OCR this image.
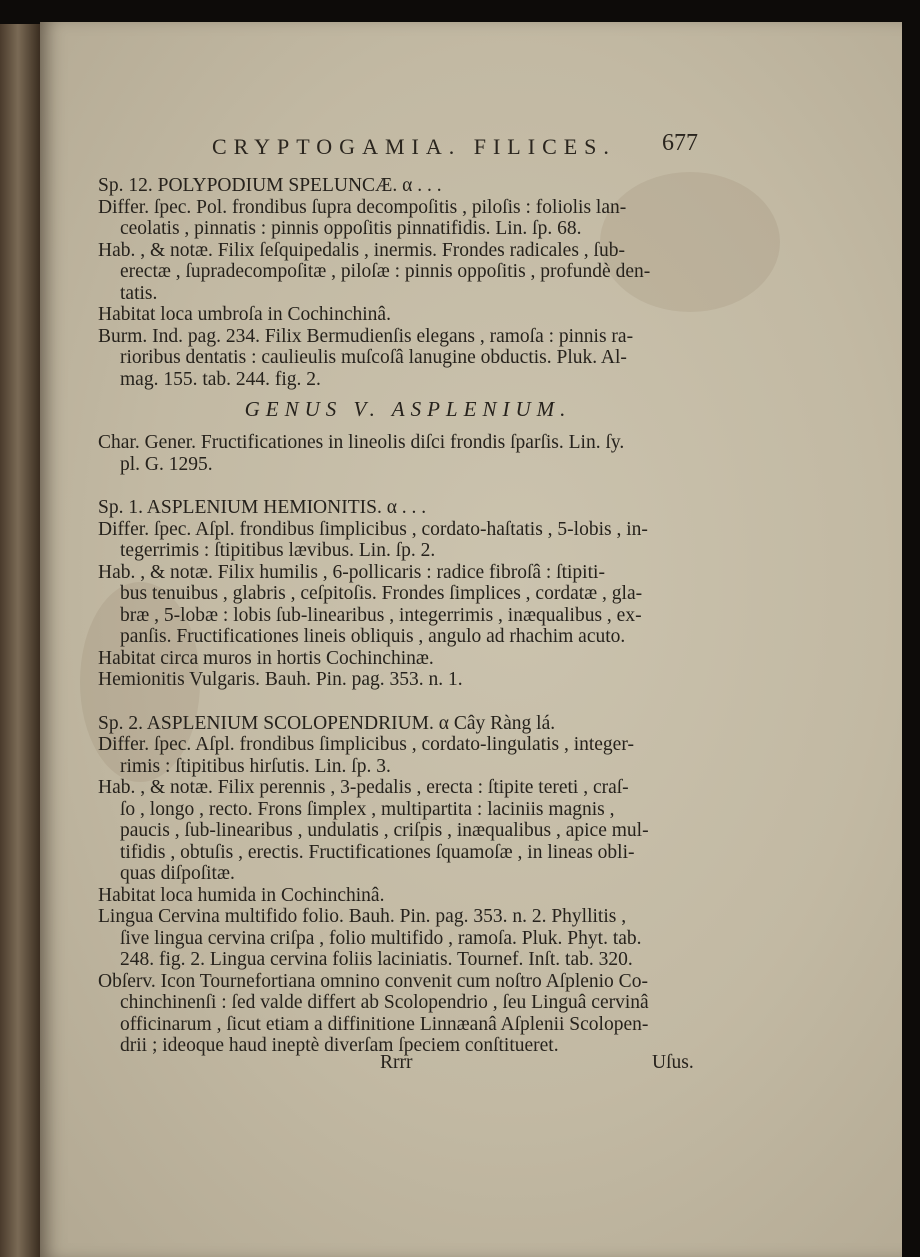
CRYPTOGAMIA. FILICES. 677
Sp. 12. POLYPODIUM SPELUNCÆ. α . . .
Differ. ſpec. Pol. frondibus ſupra decompoſitis , piloſis : foliolis lan-
ceolatis , pinnatis : pinnis oppoſitis pinnatifidis. Lin. ſp. 68.
Hab. , & notæ. Filix ſeſquipedalis , inermis. Frondes radicales , ſub-
erectæ , ſupradecompoſitæ , piloſæ : pinnis oppoſitis , profundè den-
tatis.
Habitat loca umbroſa in Cochinchinâ.
Burm. Ind. pag. 234. Filix Bermudienſis elegans , ramoſa : pinnis ra-
rioribus dentatis : caulieulis muſcoſâ lanugine obductis. Pluk. Al-
mag. 155. tab. 244. fig. 2.
GENUS V. ASPLENIUM.
Char. Gener. Fructificationes in lineolis diſci frondis ſparſis. Lin. ſy.
pl. G. 1295.
Sp. 1. ASPLENIUM HEMIONITIS. α . . .
Differ. ſpec. Aſpl. frondibus ſimplicibus , cordato-haſtatis , 5-lobis , in-
tegerrimis : ſtipitibus lævibus. Lin. ſp. 2.
Hab. , & notæ. Filix humilis , 6-pollicaris : radice fibroſâ : ſtipiti-
bus tenuibus , glabris , ceſpitoſis. Frondes ſimplices , cordatæ , gla-
bræ , 5-lobæ : lobis ſub-linearibus , integerrimis , inæqualibus , ex-
panſis. Fructificationes lineis obliquis , angulo ad rhachim acuto.
Habitat circa muros in hortis Cochinchinæ.
Hemionitis Vulgaris. Bauh. Pin. pag. 353. n. 1.
Sp. 2. ASPLENIUM SCOLOPENDRIUM. α Cây Ràng lá.
Differ. ſpec. Aſpl. frondibus ſimplicibus , cordato-lingulatis , integer-
rimis : ſtipitibus hirſutis. Lin. ſp. 3.
Hab. , & notæ. Filix perennis , 3-pedalis , erecta : ſtipite tereti , craſ-
ſo , longo , recto. Frons ſimplex , multipartita : laciniis magnis ,
paucis , ſub-linearibus , undulatis , criſpis , inæqualibus , apice mul-
tifidis , obtuſis , erectis. Fructificationes ſquamoſæ , in lineas obli-
quas diſpoſitæ.
Habitat loca humida in Cochinchinâ.
Lingua Cervina multifido folio. Bauh. Pin. pag. 353. n. 2. Phyllitis ,
ſive lingua cervina criſpa , folio multifido , ramoſa. Pluk. Phyt. tab.
248. fig. 2. Lingua cervina foliis laciniatis. Tournef. Inſt. tab. 320.
Obſerv. Icon Tournefortiana omnino convenit cum noſtro Aſplenio Co-
chinchinenſi : ſed valde differt ab Scolopendrio , ſeu Linguâ cervinâ
officinarum , ſicut etiam a diffinitione Linnæanâ Aſplenii Scolopen-
drii ; ideoque haud ineptè diverſam ſpeciem conſtitueret.
Rrrr	Uſus.
